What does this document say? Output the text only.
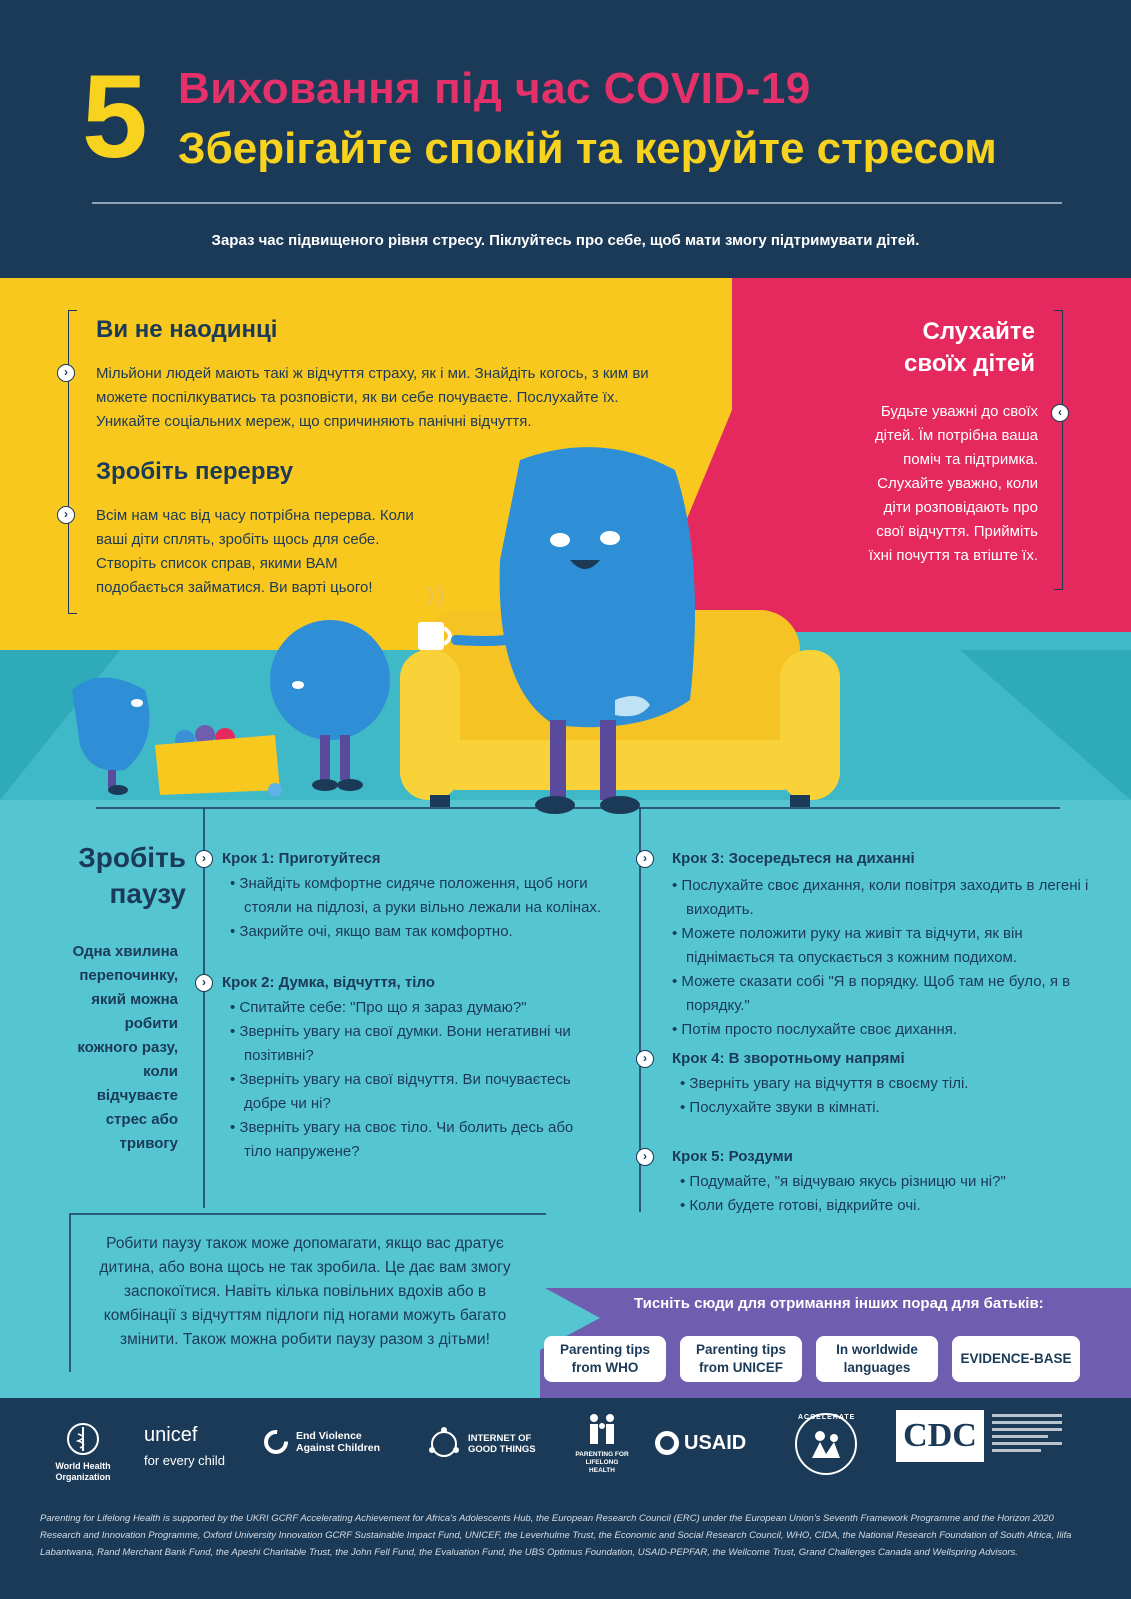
5 Виховання під час COVID-19
Зберігайте спокій та керуйте стресом
Зараз час підвищеного рівня стресу. Піклуйтесь про себе, щоб мати змогу підтримувати дітей.
Ви не наодинці
›	Мільйони людей мають такі ж відчуття страху, як і ми. Знайдіть когось, з ким ви
можете поспілкуватись та розповісти, як ви себе почуваєте. Послухайте їх.
Уникайте соціальних мереж, що спричиняють панічні відчуття.
Зробіть перерву
›	Всім нам час від часу потрібна перерва. Коли
ваші діти сплять, зробіть щось для себе.
Створіть список справ, якими ВАМ
подобається займатися. Ви варті цього!
Слухайте
своїх дітей
‹
Будьте уважні до своїх
дітей. Їм потрібна ваша
поміч та підтримка.
Слухайте уважно, коли
діти розповідають про
свої відчуття. Прийміть
їхні почуття та втіште їх.
Зробіть
паузу
Одна хвилина
перепочинку,
який можна
робити
кожного разу,
коли
відчуваєте
стрес або
тривогу
›	Крок 1: Приготуйтеся
• Знайдіть комфортне сидяче положення, щоб ноги стояли на підлозі, а руки вільно лежали на колінах.
• Закрийте очі, якщо вам так комфортно.
›	Крок 2: Думка, відчуття, тіло
• Спитайте себе: "Про що я зараз думаю?"
• Зверніть увагу на свої думки. Вони негативні чи позітивні?
• Зверніть увагу на свої відчуття. Ви почуваєтесь добре чи ні?
• Зверніть увагу на своє тіло. Чи болить десь або тіло напружене?
›	Крок 3: Зосередьтеся на диханні
• Послухайте своє дихання, коли повітря заходить в легені і виходить.
• Можете положити руку на живіт та відчути, як він піднімається та опускається з кожним подихом.
• Можете сказати собі "Я в порядку. Щоб там не було, я в порядку."
• Потім просто послухайте своє дихання.
›	Крок 4: В зворотньому напрямі
• Зверніть увагу на відчуття в своєму тілі.
• Послухайте звуки в кімнаті.
›	Крок 5: Роздуми
• Подумайте, "я відчуваю якусь різницю чи ні?"
• Коли будете готові, відкрийте очі.
Робити паузу також може допомагати, якщо вас дратує
дитина, або вона щось не так зробила. Це дає вам змогу
заспокоїтися. Навіть кілька повільних вдохів або в
комбінації з відчуттям підлоги під ногами можуть багато
змінити. Також можна робити паузу разом з дітьми!
Тисніть сюди для отримання інших порад для батьків:
Parenting tips
from WHO
Parenting tips
from UNICEF
In worldwide
languages
EVIDENCE-BASE
World Health Organization
unicef
for every child
End Violence Against Children
INTERNET OF GOOD THINGS	PARENTING FOR LIFELONG HEALTH
USAID
ACCELERATE CDC
Parenting for Lifelong Health is supported by the UKRI GCRF Accelerating Achievement for Africa's Adolescents Hub, the European Research Council (ERC) under the European Union's Seventh Framework Programme and the Horizon 2020 Research and Innovation Programme, Oxford University Innovation GCRF Sustainable Impact Fund, UNICEF, the Leverhulme Trust, the Economic and Social Research Council, WHO, CIDA, the National Research Foundation of South Africa, Ilifa Labantwana, Rand Merchant Bank Fund, the Apeshi Charitable Trust, the John Fell Fund, the Evaluation Fund, the UBS Optimus Foundation, USAID-PEPFAR, the Wellcome Trust, Grand Challenges Canada and Wellspring Advisors.
